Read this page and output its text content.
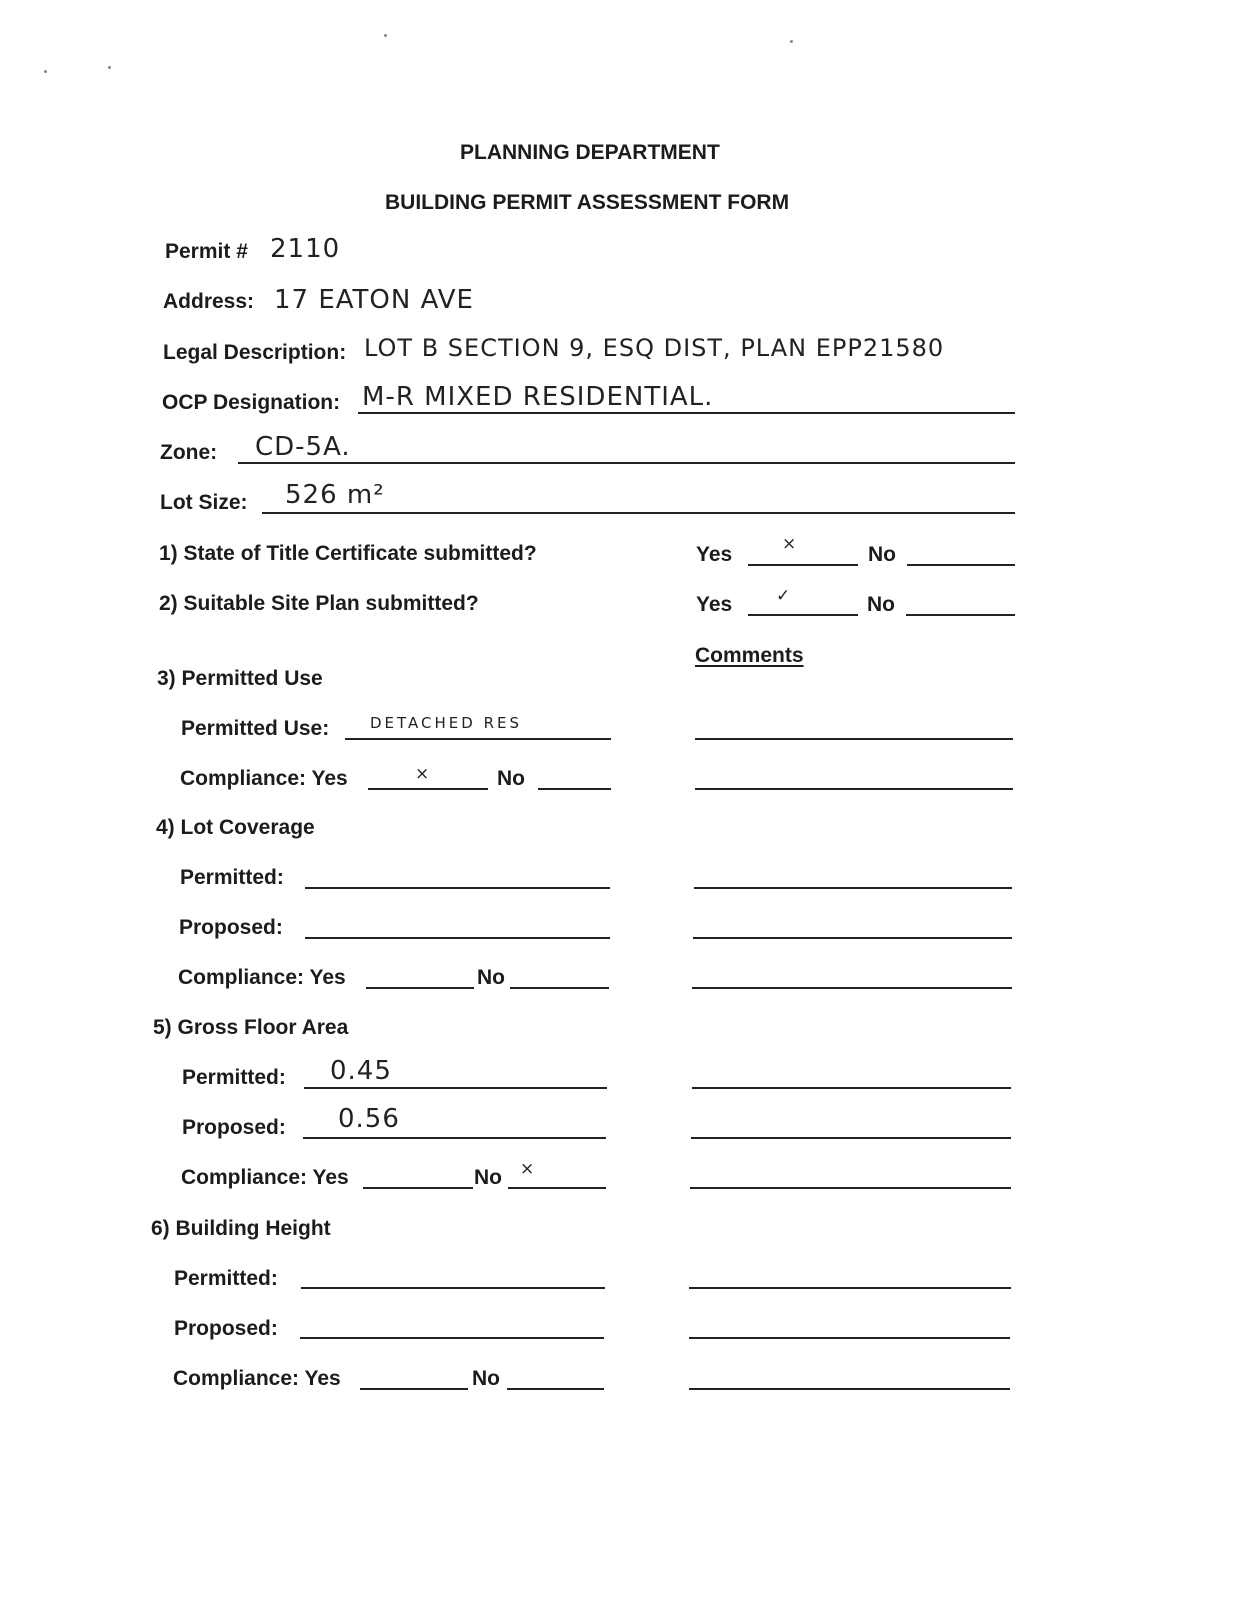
PLANNING DEPARTMENT
BUILDING PERMIT ASSESSMENT FORM
Permit # 2110
Address: 17 EATON AVE
Legal Description: LOT B SECTION 9, ESQ DIST, PLAN EPP21580
OCP Designation: M-R MIXED RESIDENTIAL.
Zone: CD-5A.
Lot Size: 526 m²
1) State of Title Certificate submitted?	Yes	×	No
2) Suitable Site Plan submitted?	Yes	✓	No
Comments
3) Permitted Use
Permitted Use:	DETACHED RES
Compliance: Yes	×	No
4) Lot Coverage
Permitted:
Proposed:
Compliance: Yes	No
5) Gross Floor Area
Permitted: 0.45
Proposed: 0.56
Compliance: Yes	No ×
6) Building Height
Permitted:
Proposed:
Compliance: Yes	No
